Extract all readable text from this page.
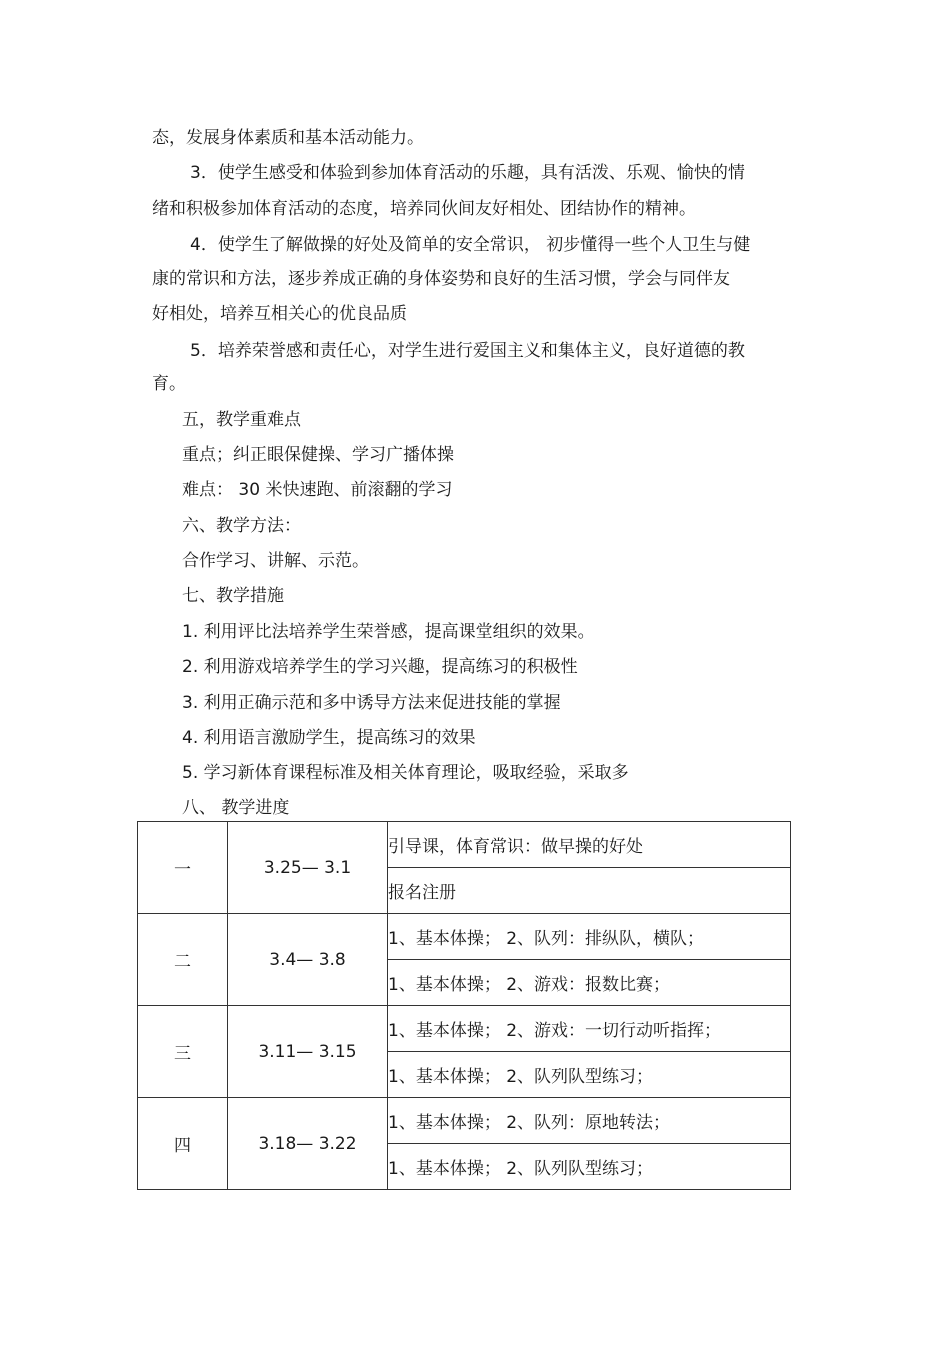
态，发展身体素质和基本活动能力。
3．使学生感受和体验到参加体育活动的乐趣，具有活泼、乐观、愉快的情
绪和积极参加体育活动的态度，培养同伙间友好相处、团结协作的精神。
4．使学生了解做操的好处及简单的安全常识， 初步懂得一些个人卫生与健
康的常识和方法，逐步养成正确的身体姿势和良好的生活习惯，学会与同伴友
好相处，培养互相关心的优良品质
5．培养荣誉感和责任心，对学生进行爱国主义和集体主义，良好道德的教
育。
五，教学重难点
重点；纠正眼保健操、学习广播体操
难点： 30 米快速跑、前滚翻的学习
六、教学方法：
合作学习、讲解、示范。
七、教学措施
1. 利用评比法培养学生荣誉感，提高课堂组织的效果。
2. 利用游戏培养学生的学习兴趣，提高练习的积极性
3. 利用正确示范和多中诱导方法来促进技能的掌握
4. 利用语言激励学生，提高练习的效果
5. 学习新体育课程标准及相关体育理论，吸取经验，采取多
八、 教学进度
一	3.25— 3.1	引导课，体育常识：做早操的好处
		报名注册
二	3.4— 3.8	1、基本体操； 2、队列：排纵队，横队；
		1、基本体操； 2、游戏：报数比赛；
三	3.11— 3.15	1、基本体操； 2、游戏：一切行动听指挥；
		1、基本体操； 2、队列队型练习；
四	3.18— 3.22	1、基本体操； 2、队列：原地转法；
		1、基本体操； 2、队列队型练习；
